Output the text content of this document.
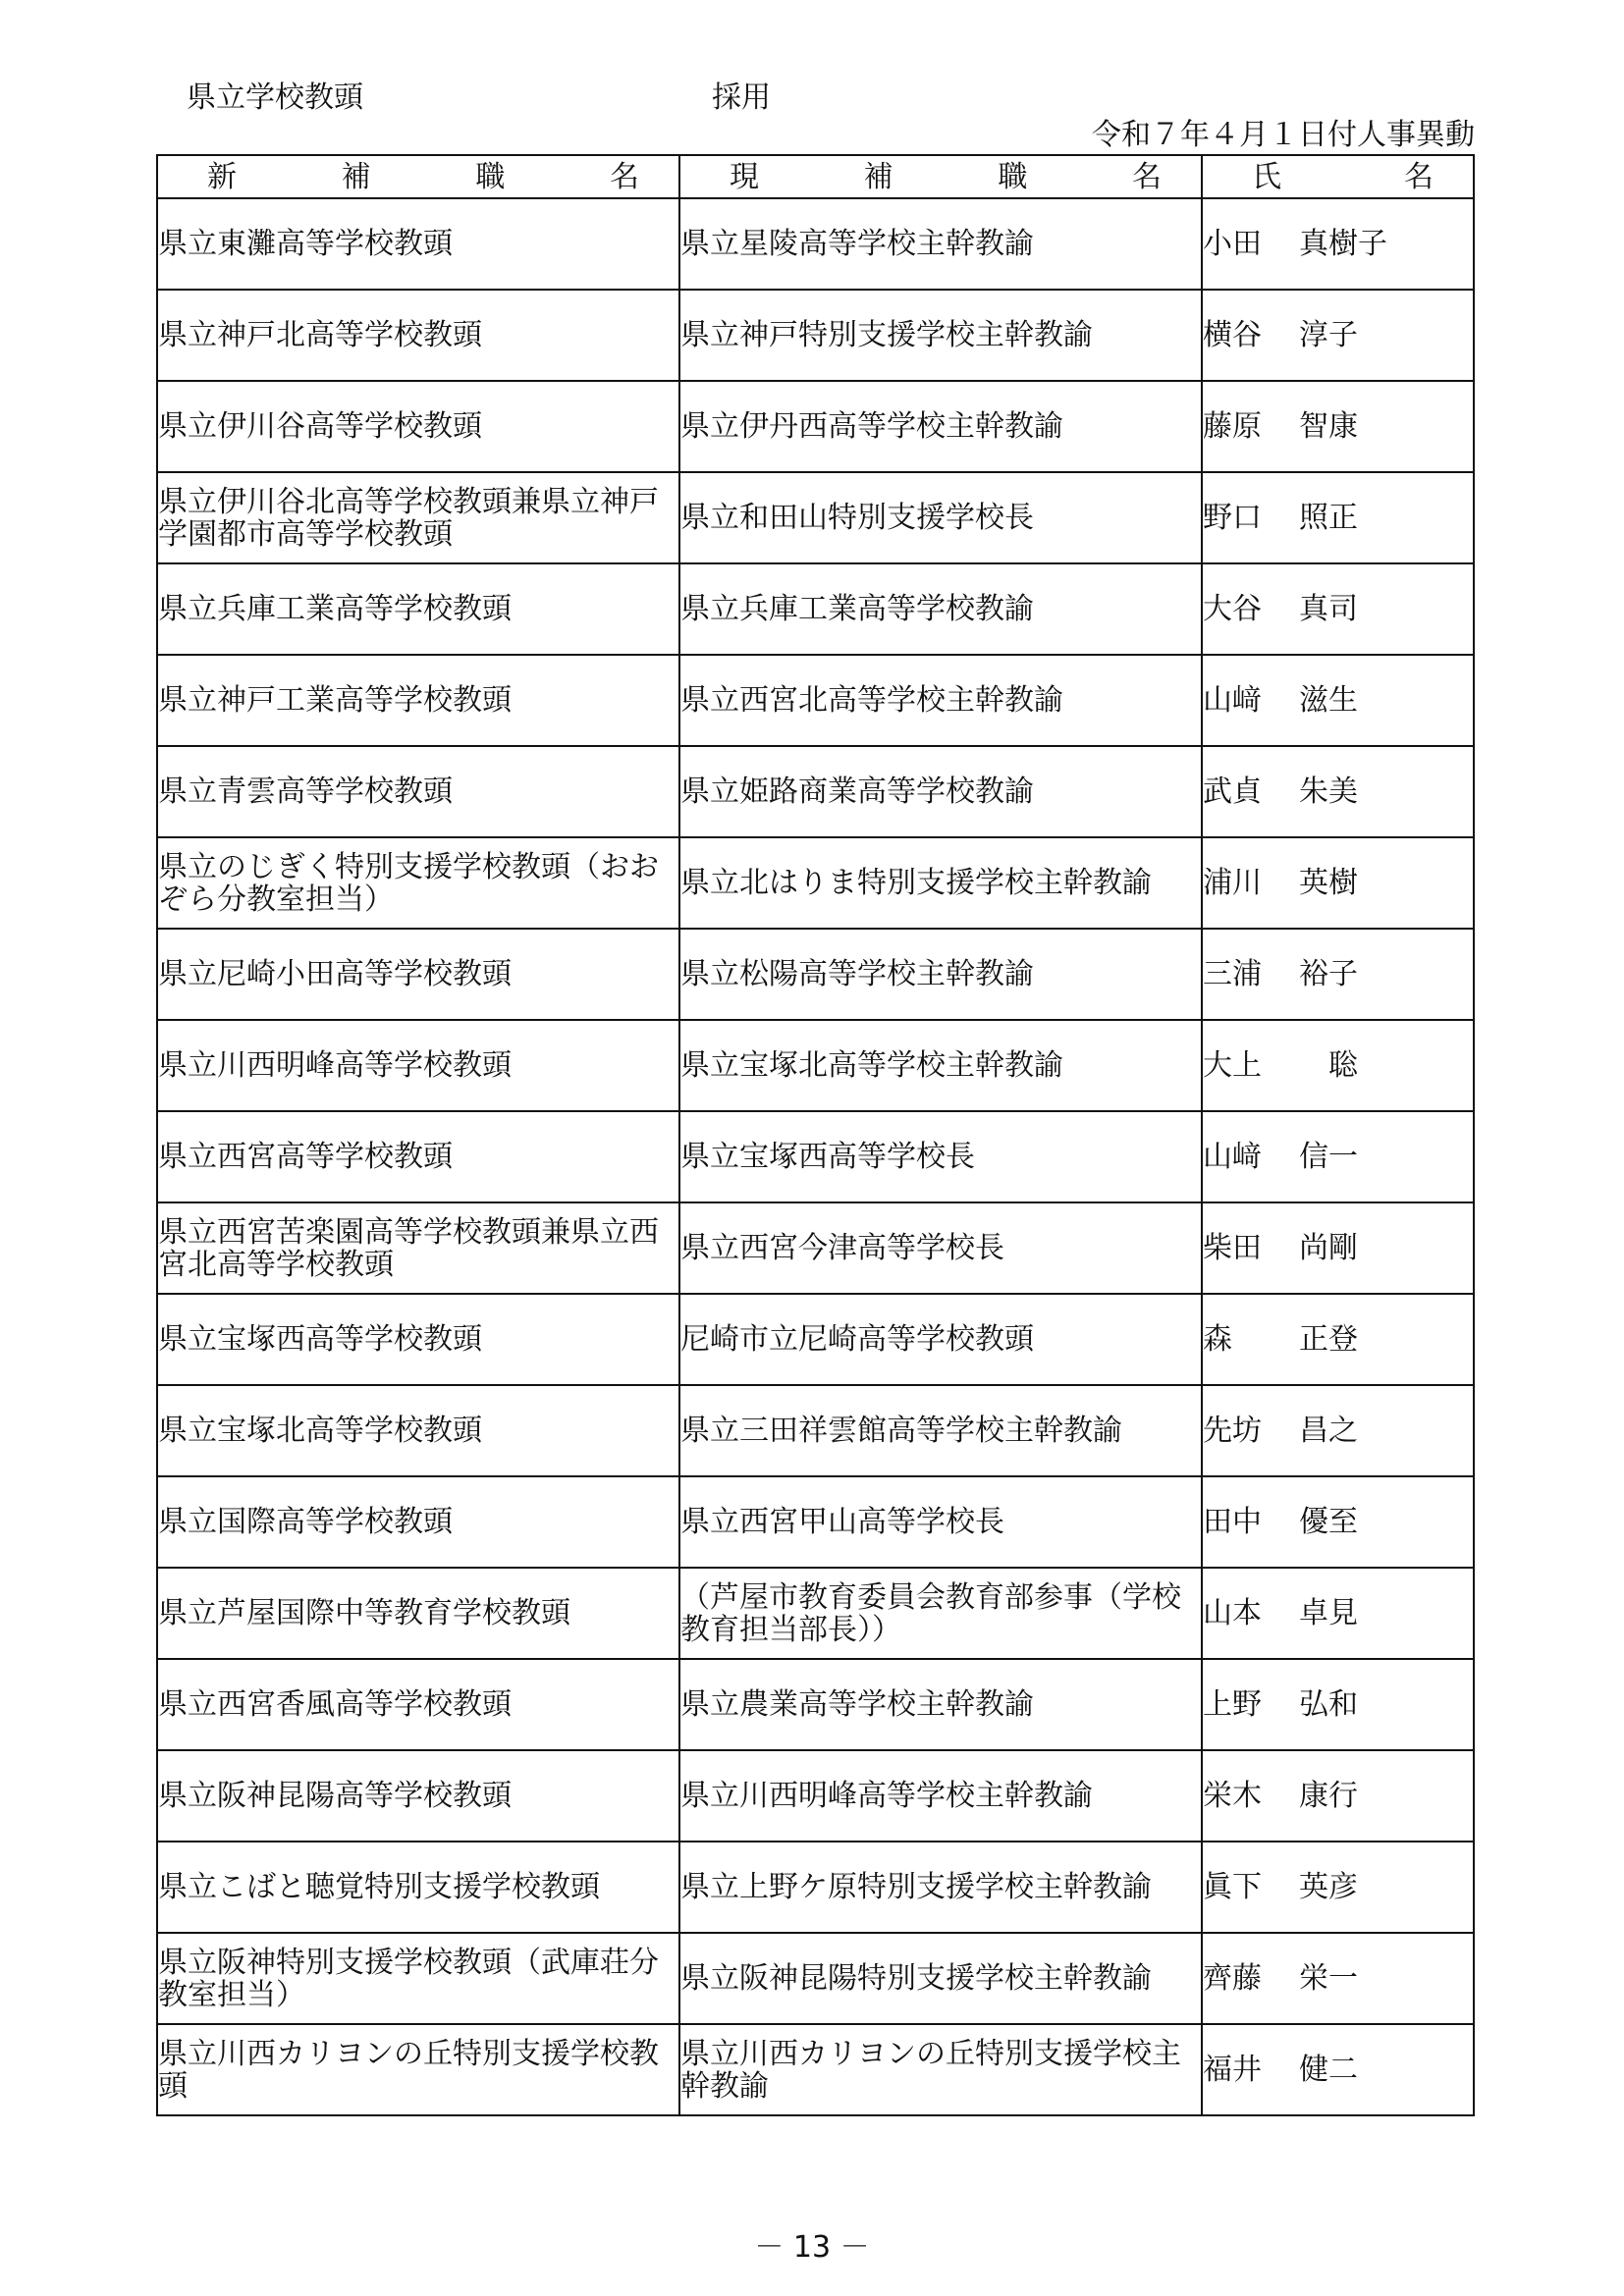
県立学校教頭	採用
令和７年４月１日付人事異動
新 補 職 名	現 補 職 名	氏 名

県立東灘高等学校教頭	県立星陵高等学校主幹教諭	小田 真樹子
県立神戸北高等学校教頭	県立神戸特別支援学校主幹教諭	横谷 淳子
県立伊川谷高等学校教頭	県立伊丹西高等学校主幹教諭	藤原 智康
県立伊川谷北高等学校教頭兼県立神戸学園都市高等学校教頭	県立和田山特別支援学校長	野口 照正
県立兵庫工業高等学校教頭	県立兵庫工業高等学校教諭	大谷 真司
県立神戸工業高等学校教頭	県立西宮北高等学校主幹教諭	山﨑 滋生
県立青雲高等学校教頭	県立姫路商業高等学校教諭	武貞 朱美
県立のじぎく特別支援学校教頭（おおぞら分教室担当）	県立北はりま特別支援学校主幹教諭	浦川 英樹
県立尼崎小田高等学校教頭	県立松陽高等学校主幹教諭	三浦 裕子
県立川西明峰高等学校教頭	県立宝塚北高等学校主幹教諭	大上 聡
県立西宮高等学校教頭	県立宝塚西高等学校長	山﨑 信一
県立西宮苦楽園高等学校教頭兼県立西宮北高等学校教頭	県立西宮今津高等学校長	柴田 尚剛
県立宝塚西高等学校教頭	尼崎市立尼崎高等学校教頭	森 正登
県立宝塚北高等学校教頭	県立三田祥雲館高等学校主幹教諭	先坊 昌之
県立国際高等学校教頭	県立西宮甲山高等学校長	田中 優至
県立芦屋国際中等教育学校教頭	（芦屋市教育委員会教育部参事（学校教育担当部長））	山本 卓見
県立西宮香風高等学校教頭	県立農業高等学校主幹教諭	上野 弘和
県立阪神昆陽高等学校教頭	県立川西明峰高等学校主幹教諭	栄木 康行
県立こばと聴覚特別支援学校教頭	県立上野ケ原特別支援学校主幹教諭	眞下 英彦
県立阪神特別支援学校教頭（武庫荘分教室担当）	県立阪神昆陽特別支援学校主幹教諭	齊藤 栄一
県立川西カリヨンの丘特別支援学校教頭	県立川西カリヨンの丘特別支援学校主幹教諭	福井 健二
－ 13 －
